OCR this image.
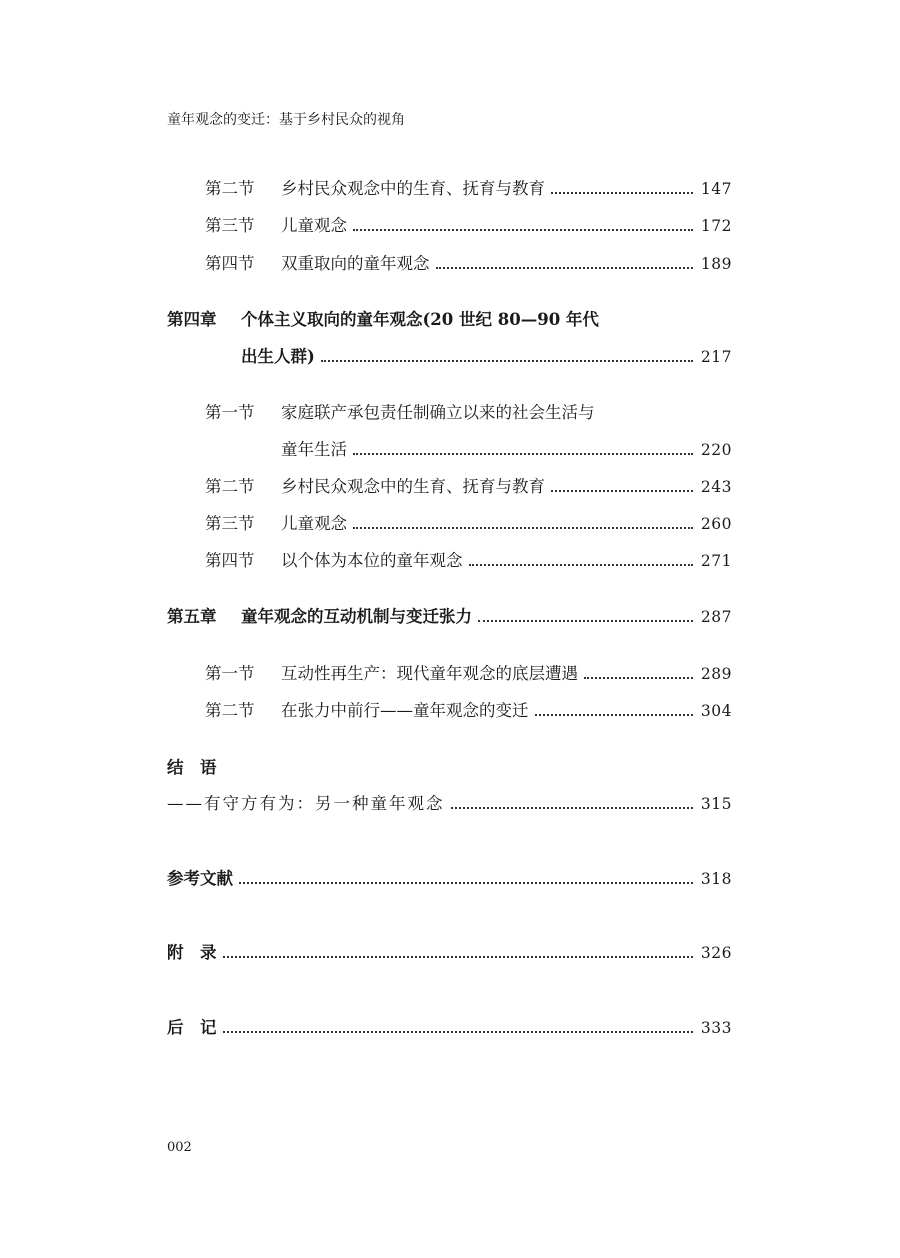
童年观念的变迁：基于乡村民众的视角
第二节 乡村民众观念中的生育、抚育与教育	147
第三节 儿童观念	172
第四节 双重取向的童年观念	189
第四章 个体主义取向的童年观念(20 世纪 80—90 年代
出生人群)	217
第一节 家庭联产承包责任制确立以来的社会生活与
童年生活	220
第二节 乡村民众观念中的生育、抚育与教育	243
第三节 儿童观念	260
第四节 以个体为本位的童年观念	271
第五章 童年观念的互动机制与变迁张力	287
第一节 互动性再生产：现代童年观念的底层遭遇	289
第二节 在张力中前行——童年观念的变迁	304
结　语
——有守方有为：另一种童年观念	315
参考文献	318
附　录	326
后　记	333
002
